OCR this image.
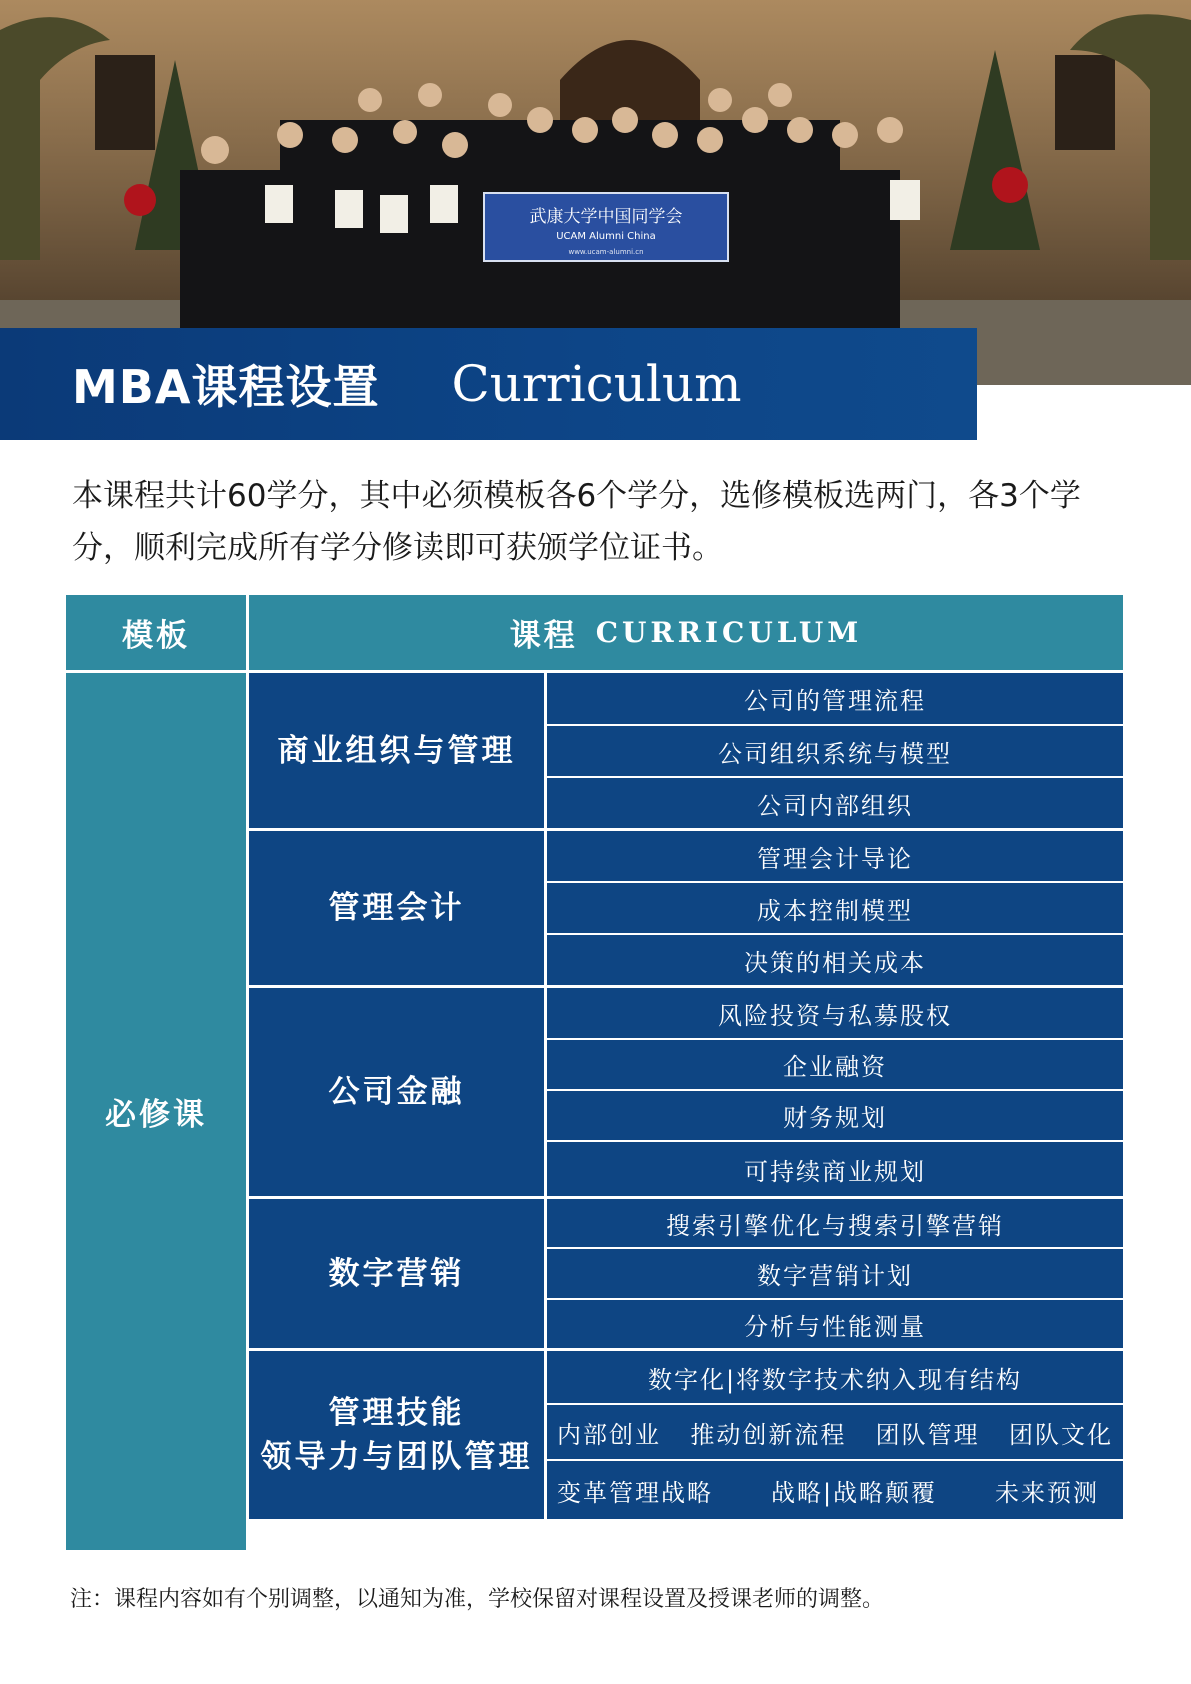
武康大学中国同学会
UCAM Alumni China
www.ucam-alumni.cn
MBA课程设置 Curriculum
本课程共计60学分，其中必须模板各6个学分，选修模板选两门，各3个学分，顺利完成所有学分修读即可获颁学位证书。
模板	课程 CURRICULUM
必修课
商业组织与管理
公司的管理流程
公司组织系统与模型
公司内部组织
管理会计
管理会计导论
成本控制模型
决策的相关成本
公司金融
风险投资与私募股权
企业融资
财务规划
可持续商业规划
数字营销
搜索引擎优化与搜索引擎营销
数字营销计划
分析与性能测量
管理技能
领导力与团队管理
数字化|将数字技术纳入现有结构
内部创业 推动创新流程 团队管理 团队文化
变革管理战略 战略|战略颠覆 未来预测
注：课程内容如有个别调整，以通知为准，学校保留对课程设置及授课老师的调整。
